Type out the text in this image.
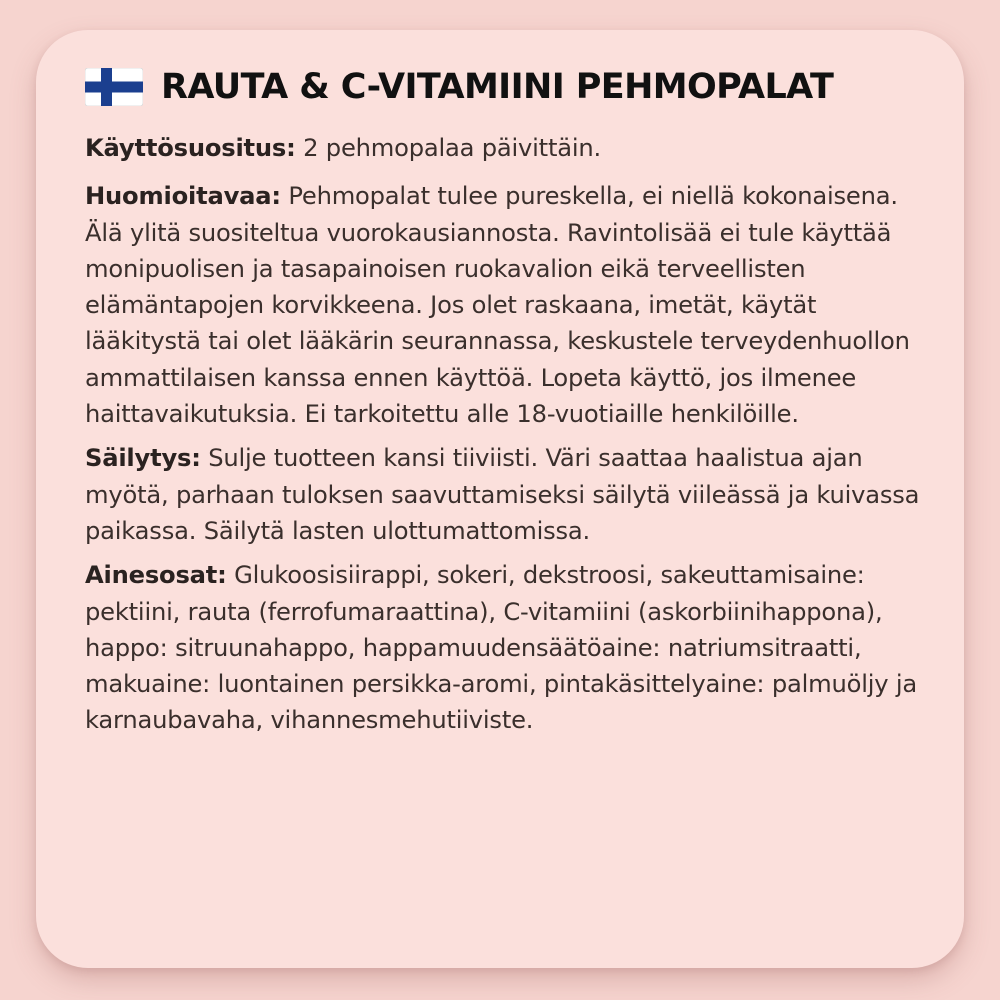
RAUTA & C-VITAMIINI PEHMOPALAT

Käyttösuositus: 2 pehmopalaa päivittäin.

Huomioitavaa: Pehmopalat tulee pureskella, ei niellä kokonaisena. Älä ylitä suositeltua vuorokausiannosta. Ravintolisää ei tule käyttää monipuolisen ja tasapainoisen ruokavalion eikä terveellisten elämäntapojen korvikkeena. Jos olet raskaana, imetät, käytät lääkitystä tai olet lääkärin seurannassa, keskustele terveydenhuollon ammattilaisen kanssa ennen käyttöä. Lopeta käyttö, jos ilmenee haittavaikutuksia. Ei tarkoitettu alle 18-vuotiaille henkilöille.

Säilytys: Sulje tuotteen kansi tiiviisti. Väri saattaa haalistua ajan myötä, parhaan tuloksen saavuttamiseksi säilytä viileässä ja kuivassa paikassa. Säilytä lasten ulottumattomissa.

Ainesosat: Glukoosisiirappi, sokeri, dekstroosi, sakeuttamisaine: pektiini, rauta (ferrofumaraattina), C-vitamiini (askorbiinihappona), happo: sitruunahappo, happamuudensäätöaine: natriumsitraatti, makuaine: luontainen persikka-aromi, pintakäsittelyaine: palmuöljy ja karnaubavaha, vihannesmehutiiviste.
